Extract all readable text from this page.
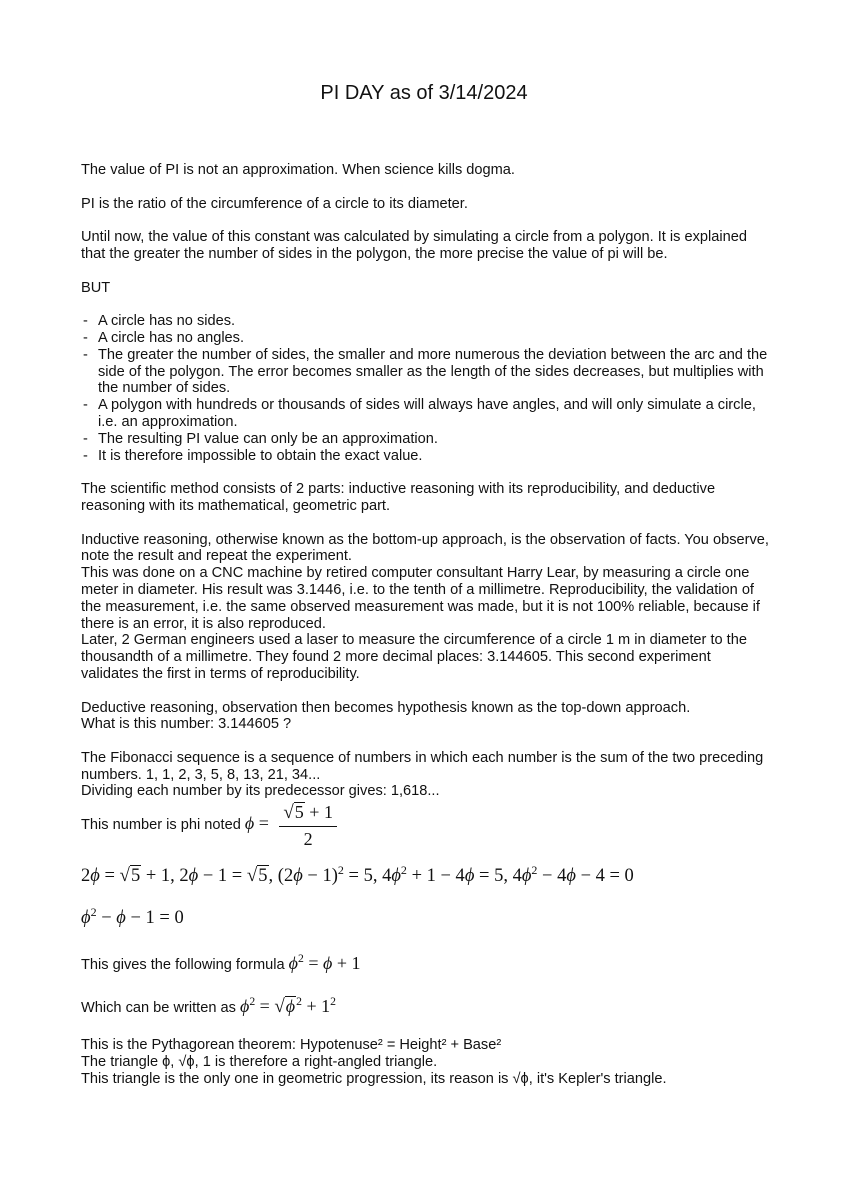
PI DAY as of 3/14/2024

The value of PI is not an approximation. When science kills dogma.

PI is the ratio of the circumference of a circle to its diameter.

Until now, the value of this constant was calculated by simulating a circle from a polygon. It is explained that the greater the number of sides in the polygon, the more precise the value of pi will be.

BUT

- A circle has no sides.
- A circle has no angles.
- The greater the number of sides, the smaller and more numerous the deviation between the arc and the side of the polygon. The error becomes smaller as the length of the sides decreases, but multiplies with the number of sides.
- A polygon with hundreds or thousands of sides will always have angles, and will only simulate a circle, i.e. an approximation.
- The resulting PI value can only be an approximation.
- It is therefore impossible to obtain the exact value.

The scientific method consists of 2 parts: inductive reasoning with its reproducibility, and deductive reasoning with its mathematical, geometric part.

Inductive reasoning, otherwise known as the bottom-up approach, is the observation of facts. You observe, note the result and repeat the experiment.

This was done on a CNC machine by retired computer consultant Harry Lear, by measuring a circle one meter in diameter. His result was 3.1446, i.e. to the tenth of a millimetre. Reproducibility, the validation of the measurement, i.e. the same observed measurement was made, but it is not 100% reliable, because if there is an error, it is also reproduced.

Later, 2 German engineers used a laser to measure the circumference of a circle 1 m in diameter to the thousandth of a millimetre. They found 2 more decimal places: 3.144605. This second experiment validates the first in terms of reproducibility.

Deductive reasoning, observation then becomes hypothesis known as the top-down approach.

What is this number: 3.144605 ?

The Fibonacci sequence is a sequence of numbers in which each number is the sum of the two preceding numbers. 1, 1, 2, 3, 5, 8, 13, 21, 34...

Dividing each number by its predecessor gives: 1,618...

This number is phi noted $\phi = \frac{√5 + 1}{2}$
2ϕ = √5 + 1, 2ϕ − 1 = √5, $(2\phi - 1)^2 = 5$, $4\phi^2 + 1 - 4\phi = 5$, $4\phi^2 - 4\phi - 4 = 0$
$\phi^2 - \phi - 1 = 0$
This gives the following formula $\phi^2 = \phi + 1$
Which can be written as $\phi^2 = √\phi^2 + 1^2$

This is the Pythagorean theorem: Hypotenuse² = Height² + Base²

The triangle ϕ, √ϕ, 1 is therefore a right-angled triangle.

This triangle is the only one in geometric progression, its reason is √ϕ, it's Kepler's triangle.
